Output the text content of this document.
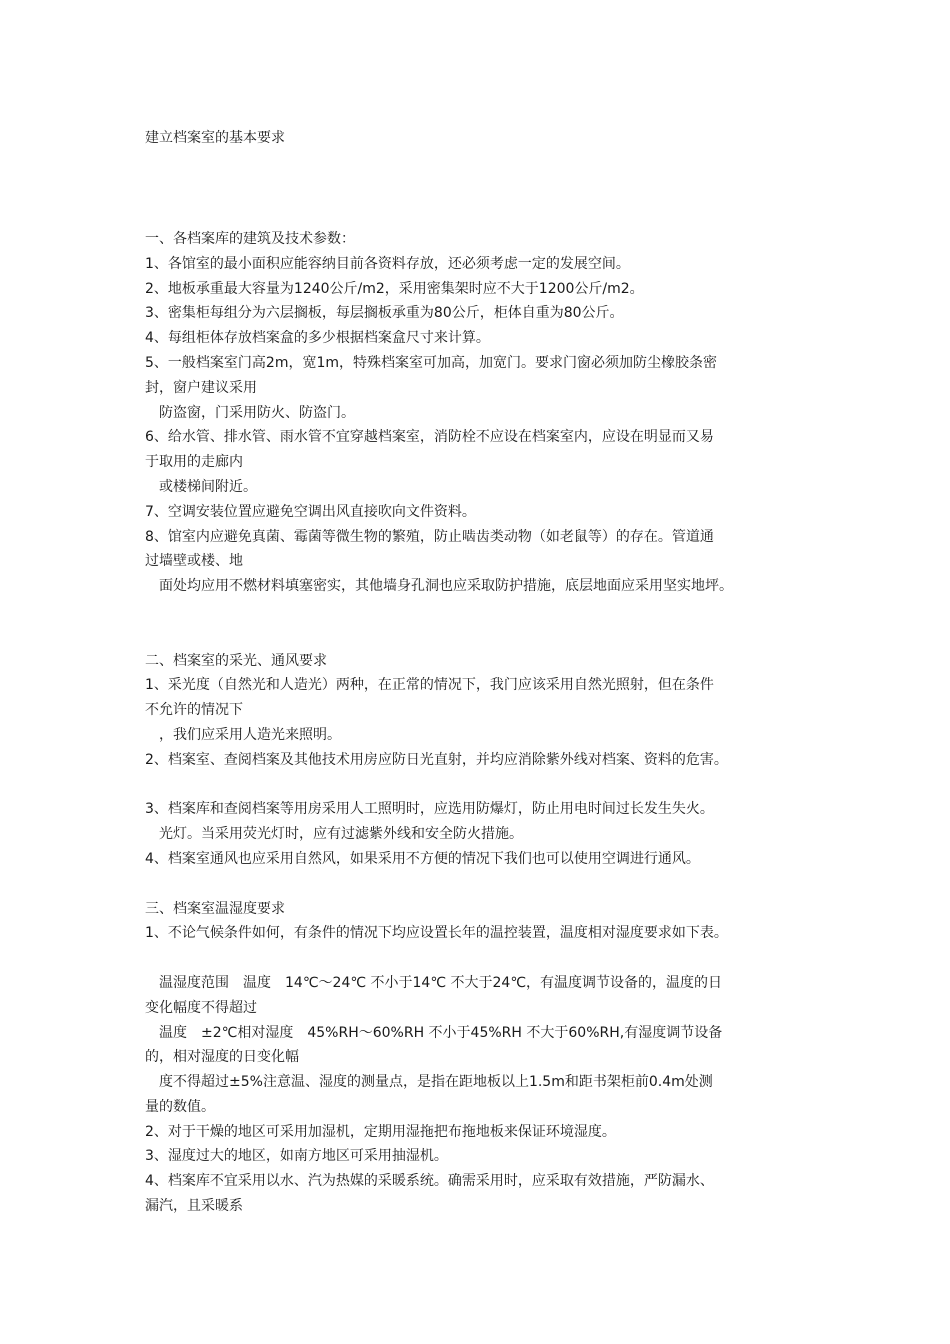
建立档案室的基本要求
一、各档案库的建筑及技术参数：
1、各馆室的最小面积应能容纳目前各资料存放，还必须考虑一定的发展空间。
2、地板承重最大容量为1240公斤/m2，采用密集架时应不大于1200公斤/m2。
3、密集柜每组分为六层搁板，每层搁板承重为80公斤，柜体自重为80公斤。
4、每组柜体存放档案盒的多少根据档案盒尺寸来计算。
5、一般档案室门高2m，宽1m，特殊档案室可加高，加宽门。要求门窗必须加防尘橡胶条密
封，窗户建议采用
防盗窗，门采用防火、防盗门。
6、给水管、排水管、雨水管不宜穿越档案室，消防栓不应设在档案室内，应设在明显而又易
于取用的走廊内
或楼梯间附近。
7、空调安装位置应避免空调出风直接吹向文件资料。
8、馆室内应避免真菌、霉菌等微生物的繁殖，防止啮齿类动物（如老鼠等）的存在。管道通
过墙壁或楼、地
面处均应用不燃材料填塞密实，其他墙身孔洞也应采取防护措施，底层地面应采用坚实地坪。
二、档案室的采光、通风要求
1、采光度（自然光和人造光）两种，在正常的情况下，我门应该采用自然光照射，但在条件
不允许的情况下
，我们应采用人造光来照明。
2、档案室、查阅档案及其他技术用房应防日光直射，并均应消除紫外线对档案、资料的危害。
3、档案库和查阅档案等用房采用人工照明时，应选用防爆灯，防止用电时间过长发生失火。
光灯。当采用荧光灯时，应有过滤紫外线和安全防火措施。
4、档案室通风也应采用自然风，如果采用不方便的情况下我们也可以使用空调进行通风。
三、档案室温湿度要求
1、不论气候条件如何，有条件的情况下均应设置长年的温控装置，温度相对湿度要求如下表。
温湿度范围　温度　14℃～24℃ 不小于14℃ 不大于24℃，有温度调节设备的，温度的日
变化幅度不得超过
温度　±2℃相对湿度　45%RH～60%RH 不小于45%RH 不大于60%RH,有湿度调节设备
的，相对湿度的日变化幅
度不得超过±5%注意温、湿度的测量点，是指在距地板以上1.5m和距书架柜前0.4m处测
量的数值。
2、对于干燥的地区可采用加湿机，定期用湿拖把布拖地板来保证环境湿度。
3、湿度过大的地区，如南方地区可采用抽湿机。
4、档案库不宜采用以水、汽为热媒的采暖系统。确需采用时，应采取有效措施，严防漏水、
漏汽，且采暖系
